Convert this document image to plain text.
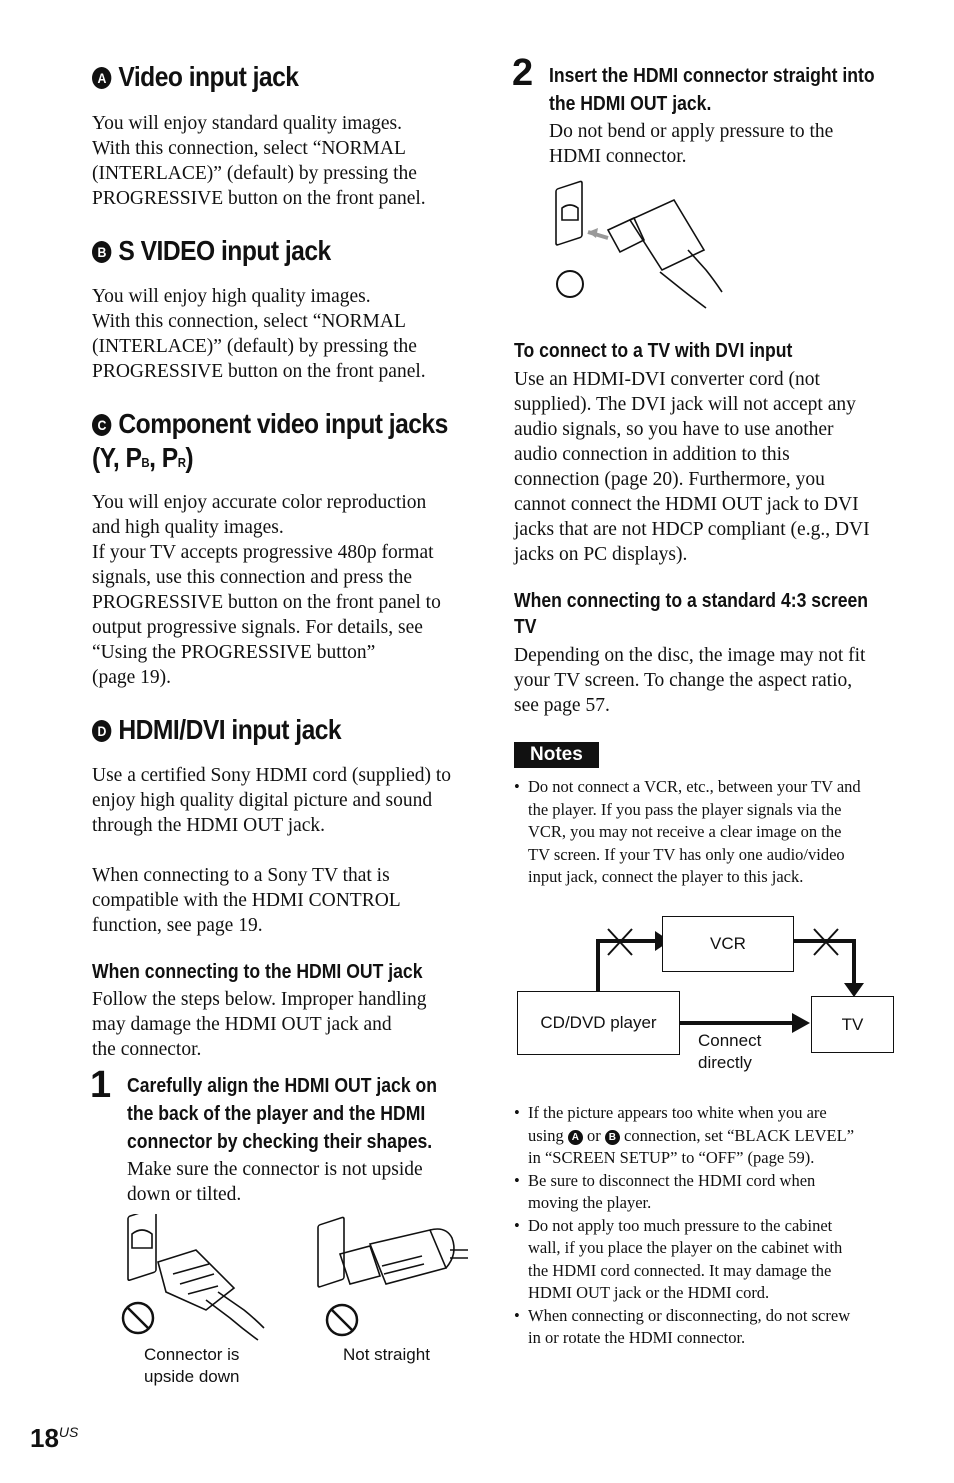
A Video input jack

You will enjoy standard quality images.

With this connection, select “NORMAL

(INTERLACE)” (default) by pressing the

PROGRESSIVE button on the front panel.

B S VIDEO input jack

You will enjoy high quality images.

With this connection, select “NORMAL

(INTERLACE)” (default) by pressing the

PROGRESSIVE button on the front panel.

C Component video input jacks
(Y, PB, PR)

You will enjoy accurate color reproduction

and high quality images.

If your TV accepts progressive 480p format

signals, use this connection and press the

PROGRESSIVE button on the front panel to

output progressive signals. For details, see

“Using the PROGRESSIVE button”

(page 19).

D HDMI/DVI input jack

Use a certified Sony HDMI cord (supplied) to

enjoy high quality digital picture and sound

through the HDMI OUT jack.

When connecting to a Sony TV that is

compatible with the HDMI CONTROL

function, see page 19.

When connecting to the HDMI OUT jack

Follow the steps below. Improper handling

may damage the HDMI OUT jack and

the connector.

1 Carefully align the HDMI OUT jack on
the back of the player and the HDMI
connector by checking their shapes.

Make sure the connector is not upside

down or tilted.

Connector is
upside down
Not straight
18US
2 Insert the HDMI connector straight into
the HDMI OUT jack.

Do not bend or apply pressure to the

HDMI connector.

To connect to a TV with DVI input

Use an HDMI-DVI converter cord (not

supplied). The DVI jack will not accept any

audio signals, so you have to use another

audio connection in addition to this

connection (page 20). Furthermore, you

cannot connect the HDMI OUT jack to DVI

jacks that are not HDCP compliant (e.g., DVI

jacks on PC displays).

When connecting to a standard 4:3 screen
TV

Depending on the disc, the image may not fit

your TV screen. To change the aspect ratio,

see page 57.

Notes
• Do not connect a VCR, etc., between your TV and
the player. If you pass the player signals via the
VCR, you may not receive a clear image on the
TV screen. If your TV has only one audio/video
input jack, connect the player to this jack.
VCR
CD/DVD player	TV
Connect
directly
• If the picture appears too white when you are
using A or B connection, set “BLACK LEVEL”
in “SCREEN SETUP” to “OFF” (page 59).
• Be sure to disconnect the HDMI cord when
moving the player.
• Do not apply too much pressure to the cabinet
wall, if you place the player on the cabinet with
the HDMI cord connected. It may damage the
HDMI OUT jack or the HDMI cord.
• When connecting or disconnecting, do not screw
in or rotate the HDMI connector.
